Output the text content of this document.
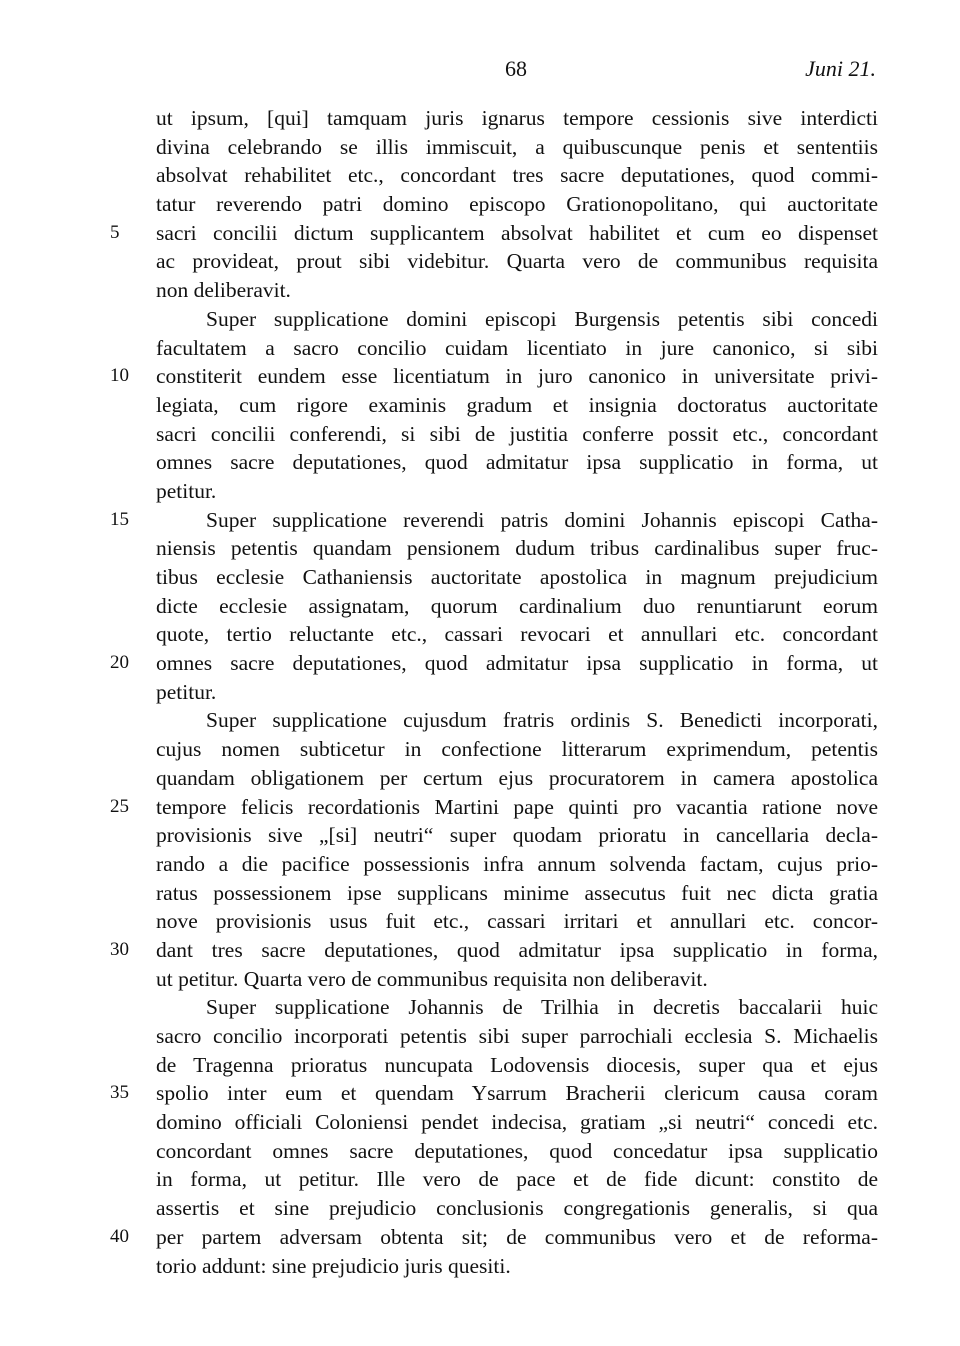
68	Juni 21.
ut ipsum, [qui] tamquam juris ignarus tempore cessionis sive interdicti
divina celebrando se illis immiscuit, a quibuscunque penis et sententiis
absolvat rehabilitet etc., concordant tres sacre deputationes, quod commi-
tatur reverendo patri domino episcopo Grationopolitano, qui auctoritate
5	sacri concilii dictum supplicantem absolvat habilitet et cum eo dispenset
ac provideat, prout sibi videbitur. Quarta vero de communibus requisita
non deliberavit.
Super supplicatione domini episcopi Burgensis petentis sibi concedi
facultatem a sacro concilio cuidam licentiato in jure canonico, si sibi
10	constiterit eundem esse licentiatum in juro canonico in universitate privi-
legiata, cum rigore examinis gradum et insignia doctoratus auctoritate
sacri concilii conferendi, si sibi de justitia conferre possit etc., concordant
omnes sacre deputationes, quod admitatur ipsa supplicatio in forma, ut
petitur.
15	Super supplicatione reverendi patris domini Johannis episcopi Catha-
niensis petentis quandam pensionem dudum tribus cardinalibus super fruc-
tibus ecclesie Cathaniensis auctoritate apostolica in magnum prejudicium
dicte ecclesie assignatam, quorum cardinalium duo renuntiarunt eorum
quote, tertio reluctante etc., cassari revocari et annullari etc. concordant
20	omnes sacre deputationes, quod admitatur ipsa supplicatio in forma, ut
petitur.
Super supplicatione cujusdum fratris ordinis S. Benedicti incorporati,
cujus nomen subticetur in confectione litterarum exprimendum, petentis
quandam obligationem per certum ejus procuratorem in camera apostolica
25	tempore felicis recordationis Martini pape quinti pro vacantia ratione nove
provisionis sive „[si] neutri“ super quodam prioratu in cancellaria decla-
rando a die pacifice possessionis infra annum solvenda factam, cujus prio-
ratus possessionem ipse supplicans minime assecutus fuit nec dicta gratia
nove provisionis usus fuit etc., cassari irritari et annullari etc. concor-
30	dant tres sacre deputationes, quod admitatur ipsa supplicatio in forma,
ut petitur. Quarta vero de communibus requisita non deliberavit.
Super supplicatione Johannis de Trilhia in decretis baccalarii huic
sacro concilio incorporati petentis sibi super parrochiali ecclesia S. Michaelis
de Tragenna prioratus nuncupata Lodovensis diocesis, super qua et ejus
35	spolio inter eum et quendam Ysarrum Bracherii clericum causa coram
domino officiali Coloniensi pendet indecisa, gratiam „si neutri“ concedi etc.
concordant omnes sacre deputationes, quod concedatur ipsa supplicatio
in forma, ut petitur. Ille vero de pace et de fide dicunt: constito de
assertis et sine prejudicio conclusionis congregationis generalis, si qua
40	per partem adversam obtenta sit; de communibus vero et de reforma-
torio addunt: sine prejudicio juris quesiti.
